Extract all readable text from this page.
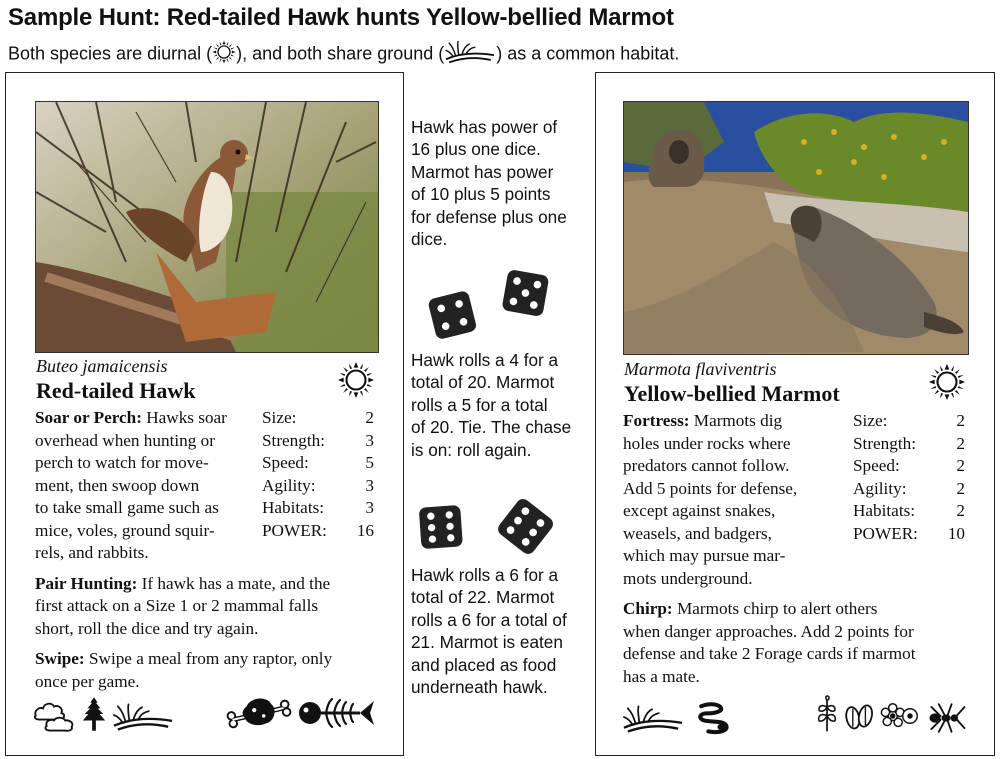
Sample Hunt: Red-tailed Hawk hunts Yellow-bellied Marmot
Both species are diurnal ( ), and both share ground (	) as a common habitat.
Buteo jamaicensis
Red-tailed Hawk
Soar or Perch: Hawks soar
overhead when hunting or
perch to watch for move-
ment, then swoop down
to take small game such as
mice, voles, ground squir-
rels, and rabbits.
Pair Hunting: If hawk has a mate, and the
first attack on a Size 1 or 2 mammal falls
short, roll the dice and try again.
Swipe: Swipe a meal from any raptor, only
once per game.
Size:	2
Strength: 3
Speed:	5
Agility:	3
Habitats: 3
POWER: 16
Hawk has power of
16 plus one dice.
Marmot has power
of 10 plus 5 points
for defense plus one
dice.
Hawk rolls a 4 for a
total of 20. Marmot
rolls a 5 for a total
of 20. Tie. The chase
is on: roll again.
Hawk rolls a 6 for a
total of 22. Marmot
rolls a 6 for a total of
21. Marmot is eaten
and placed as food
underneath hawk.
Marmota flaviventris
Yellow-bellied Marmot
Fortress: Marmots dig
holes under rocks where
predators cannot follow.
Add 5 points for defense,
except against snakes,
weasels, and badgers,
which may pursue mar-
mots underground.
Chirp: Marmots chirp to alert others
when danger approaches. Add 2 points for
defense and take 2 Forage cards if marmot
has a mate.
Size:	2
Strength: 2
Speed:	2
Agility:	2
Habitats: 2
POWER: 10
